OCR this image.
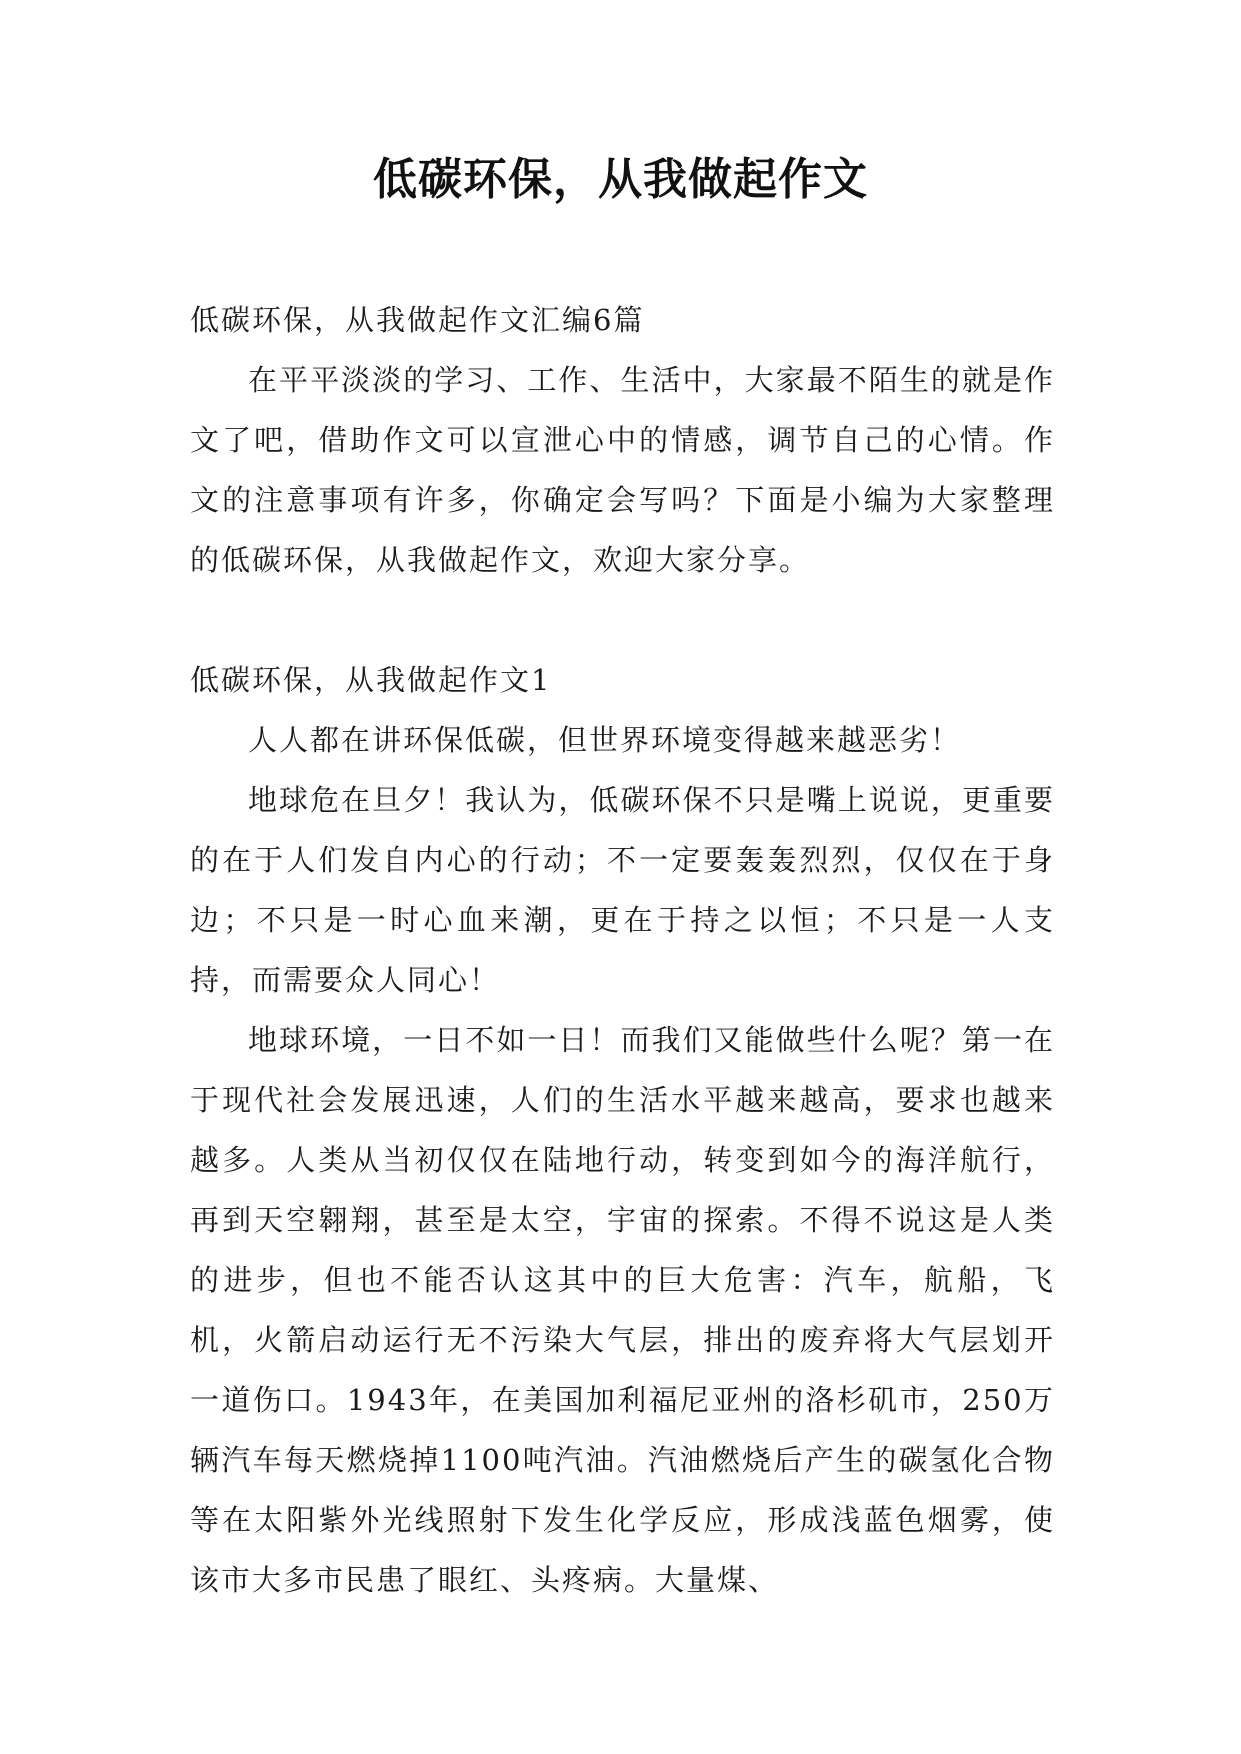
低碳环保，从我做起作文

低碳环保，从我做起作文汇编6篇

在平平淡淡的学习、工作、生活中，大家最不陌生的就是作文了吧，借助作文可以宣泄心中的情感，调节自己的心情。作文的注意事项有许多，你确定会写吗？下面是小编为大家整理的低碳环保，从我做起作文，欢迎大家分享。

低碳环保，从我做起作文1

人人都在讲环保低碳，但世界环境变得越来越恶劣！

地球危在旦夕！我认为，低碳环保不只是嘴上说说，更重要的在于人们发自内心的行动；不一定要轰轰烈烈，仅仅在于身边；不只是一时心血来潮，更在于持之以恒；不只是一人支持，而需要众人同心！

地球环境，一日不如一日！而我们又能做些什么呢？第一在于现代社会发展迅速，人们的生活水平越来越高，要求也越来越多。人类从当初仅仅在陆地行动，转变到如今的海洋航行，再到天空翱翔，甚至是太空，宇宙的探索。不得不说这是人类的进步，但也不能否认这其中的巨大危害：汽车，航船，飞机，火箭启动运行无不污染大气层，排出的废弃将大气层划开一道伤口。1943年，在美国加利福尼亚州的洛杉矶市，250万辆汽车每天燃烧掉1100吨汽油。汽油燃烧后产生的碳氢化合物等在太阳紫外光线照射下发生化学反应，形成浅蓝色烟雾，使该市大多市民患了眼红、头疼病。大量煤、
